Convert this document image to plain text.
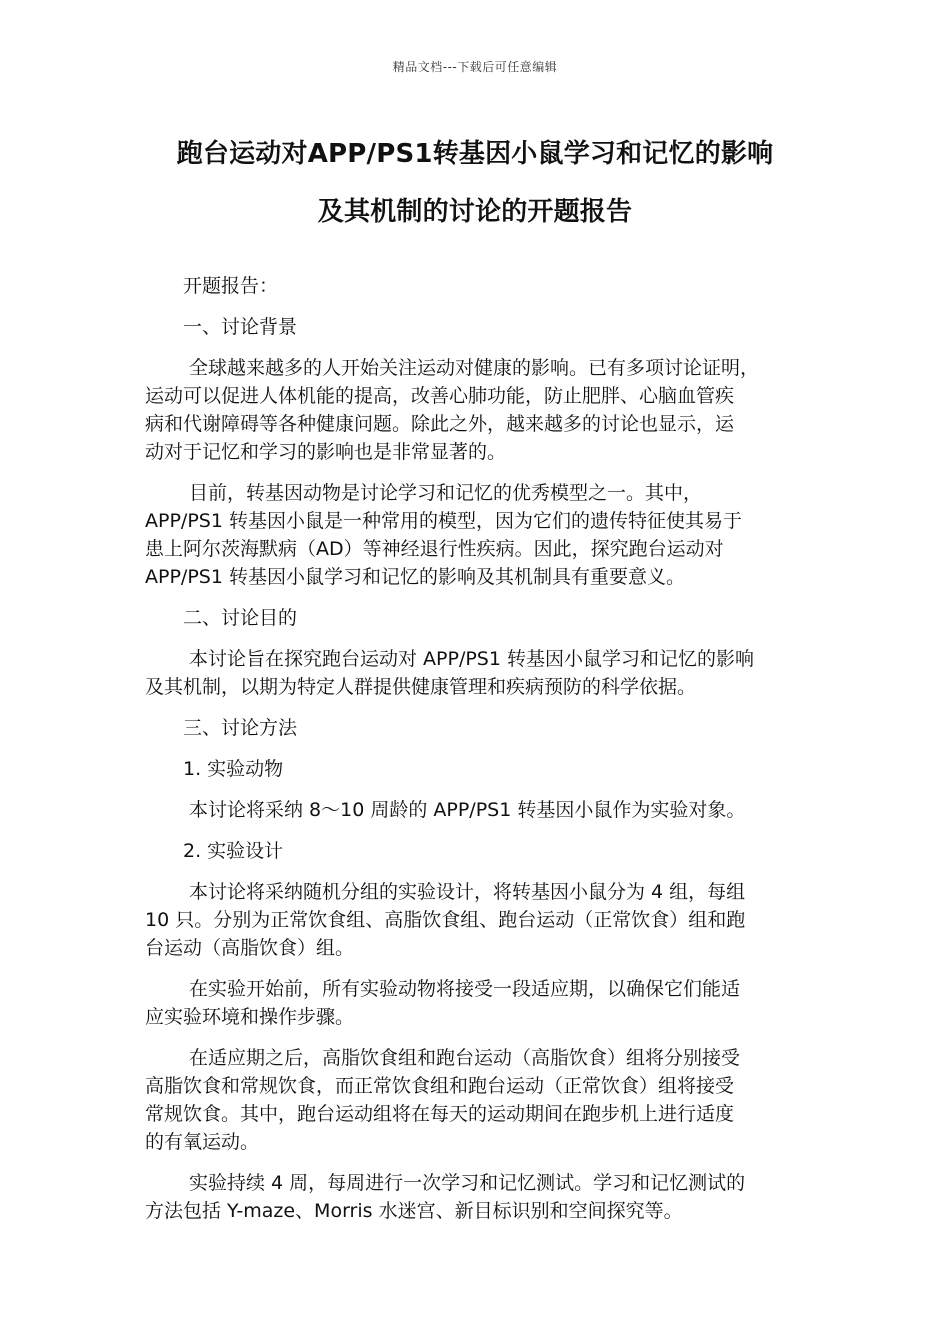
精品文档---下载后可任意编辑
跑台运动对APP/PS1转基因小鼠学习和记忆的影响
及其机制的讨论的开题报告
开题报告：
一、讨论背景
全球越来越多的人开始关注运动对健康的影响。已有多项讨论证明，
运动可以促进人体机能的提高，改善心肺功能，防止肥胖、心脑血管疾
病和代谢障碍等各种健康问题。除此之外，越来越多的讨论也显示，运
动对于记忆和学习的影响也是非常显著的。
目前，转基因动物是讨论学习和记忆的优秀模型之一。其中，
APP/PS1 转基因小鼠是一种常用的模型，因为它们的遗传特征使其易于
患上阿尔茨海默病（AD）等神经退行性疾病。因此，探究跑台运动对
APP/PS1 转基因小鼠学习和记忆的影响及其机制具有重要意义。
二、讨论目的
本讨论旨在探究跑台运动对 APP/PS1 转基因小鼠学习和记忆的影响
及其机制，以期为特定人群提供健康管理和疾病预防的科学依据。
三、讨论方法
1. 实验动物
本讨论将采纳 8～10 周龄的 APP/PS1 转基因小鼠作为实验对象。
2. 实验设计
本讨论将采纳随机分组的实验设计，将转基因小鼠分为 4 组，每组
10 只。分别为正常饮食组、高脂饮食组、跑台运动（正常饮食）组和跑
台运动（高脂饮食）组。
在实验开始前，所有实验动物将接受一段适应期，以确保它们能适
应实验环境和操作步骤。
在适应期之后，高脂饮食组和跑台运动（高脂饮食）组将分别接受
高脂饮食和常规饮食，而正常饮食组和跑台运动（正常饮食）组将接受
常规饮食。其中，跑台运动组将在每天的运动期间在跑步机上进行适度
的有氧运动。
实验持续 4 周，每周进行一次学习和记忆测试。学习和记忆测试的
方法包括 Y-maze、Morris 水迷宫、新目标识别和空间探究等。
